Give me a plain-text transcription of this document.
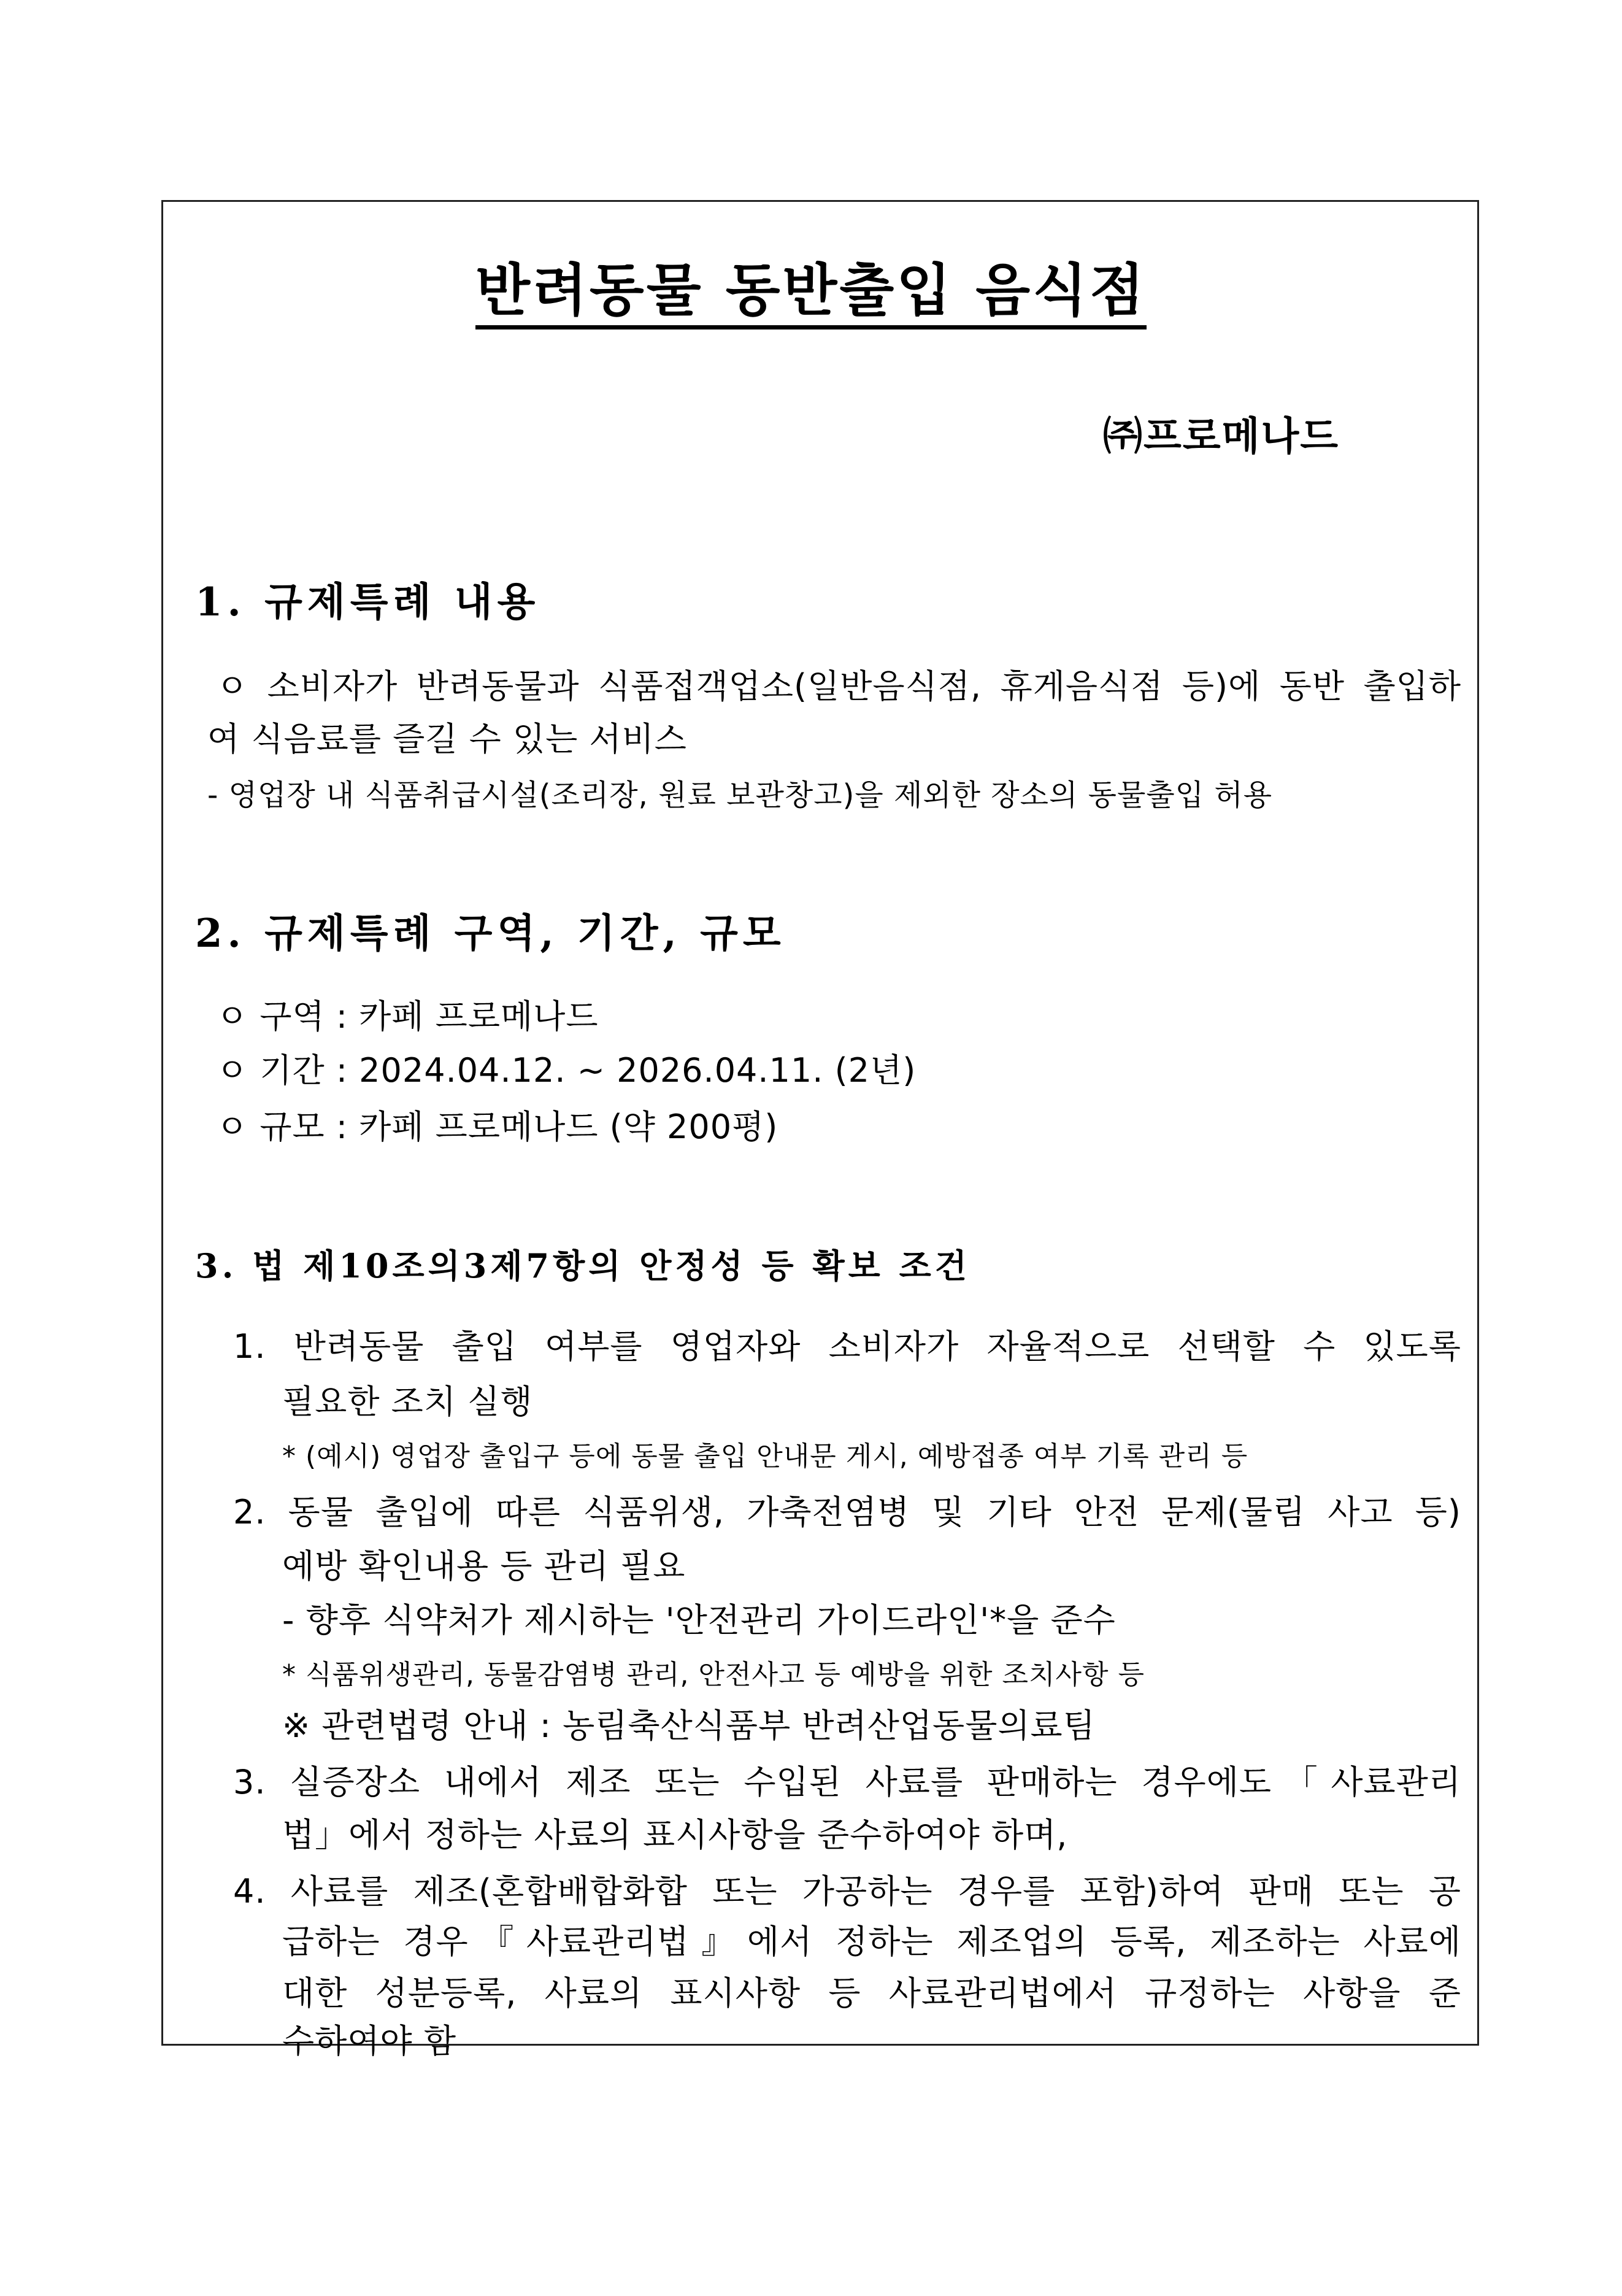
반려동물 동반출입 음식점
㈜프로메나드
1. 규제특례 내용
ㅇ 소비자가 반려동물과 식품접객업소(일반음식점, 휴게음식점 등)에 동반 출입하
여 식음료를 즐길 수 있는 서비스
- 영업장 내 식품취급시설(조리장, 원료 보관창고)을 제외한 장소의 동물출입 허용
2. 규제특례 구역, 기간, 규모
ㅇ 구역 : 카페 프로메나드
ㅇ 기간 : 2024.04.12. ~ 2026.04.11. (2년)
ㅇ 규모 : 카페 프로메나드 (약 200평)
3. 법 제10조의3제7항의 안정성 등 확보 조건
1. 반려동물 출입 여부를 영업자와 소비자가 자율적으로 선택할 수 있도록
필요한 조치 실행
* (예시) 영업장 출입구 등에 동물 출입 안내문 게시, 예방접종 여부 기록 관리 등
2. 동물 출입에 따른 식품위생, 가축전염병 및 기타 안전 문제(물림 사고 등)
예방 확인내용 등 관리 필요
- 향후 식약처가 제시하는 '안전관리 가이드라인'*을 준수
* 식품위생관리, 동물감염병 관리, 안전사고 등 예방을 위한 조치사항 등
※ 관련법령 안내 : 농림축산식품부 반려산업동물의료팀
3. 실증장소 내에서 제조 또는 수입된 사료를 판매하는 경우에도「사료관리
법」에서 정하는 사료의 표시사항을 준수하여야 하며,
4. 사료를 제조(혼합배합화합 또는 가공하는 경우를 포함)하여 판매 또는 공
급하는 경우『사료관리법』에서 정하는 제조업의 등록, 제조하는 사료에
대한 성분등록, 사료의 표시사항 등 사료관리법에서 규정하는 사항을 준
수하여야 함
